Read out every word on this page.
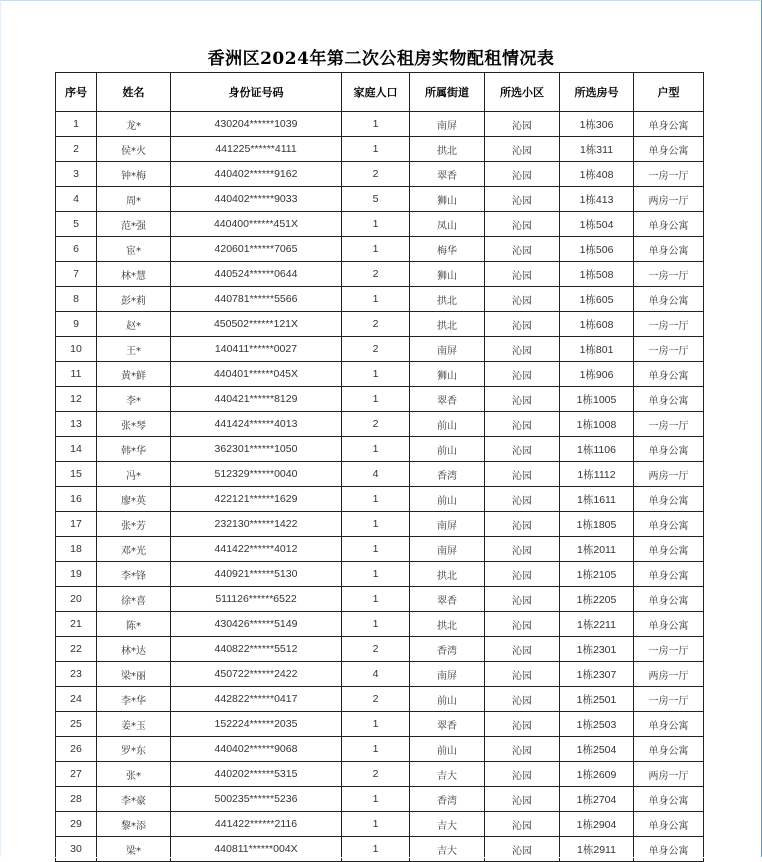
香洲区2024年第二次公租房实物配租情况表
序号	姓名	身份证号码	家庭人口	所属街道	所选小区	所选房号	户型
1	龙*	430204******1039	1	南屏	沁园	1栋306	单身公寓
2	侯*火	441225******4111	1	拱北	沁园	1栋311	单身公寓
3	钟*梅	440402******9162	2	翠香	沁园	1栋408	一房一厅
4	周*	440402******9033	5	狮山	沁园	1栋413	两房一厅
5	范*强	440400******451X	1	凤山	沁园	1栋504	单身公寓
6	宦*	420601******7065	1	梅华	沁园	1栋506	单身公寓
7	林*慧	440524******0644	2	狮山	沁园	1栋508	一房一厅
8	彭*莉	440781******5566	1	拱北	沁园	1栋605	单身公寓
9	赵*	450502******121X	2	拱北	沁园	1栋608	一房一厅
10	王*	140411******0027	2	南屏	沁园	1栋801	一房一厅
11	黄*鲜	440401******045X	1	狮山	沁园	1栋906	单身公寓
12	李*	440421******8129	1	翠香	沁园	1栋1005	单身公寓
13	张*琴	441424******4013	2	前山	沁园	1栋1008	一房一厅
14	韩*华	362301******1050	1	前山	沁园	1栋1106	单身公寓
15	冯*	512329******0040	4	香湾	沁园	1栋1112	两房一厅
16	廖*英	422121******1629	1	前山	沁园	1栋1611	单身公寓
17	张*芳	232130******1422	1	南屏	沁园	1栋1805	单身公寓
18	邓*光	441422******4012	1	南屏	沁园	1栋2011	单身公寓
19	李*锋	440921******5130	1	拱北	沁园	1栋2105	单身公寓
20	徐*喜	511126******6522	1	翠香	沁园	1栋2205	单身公寓
21	陈*	430426******5149	1	拱北	沁园	1栋2211	单身公寓
22	林*达	440822******5512	2	香湾	沁园	1栋2301	一房一厅
23	梁*丽	450722******2422	4	南屏	沁园	1栋2307	两房一厅
24	李*华	442822******0417	2	前山	沁园	1栋2501	一房一厅
25	姜*玉	152224******2035	1	翠香	沁园	1栋2503	单身公寓
26	罗*东	440402******9068	1	前山	沁园	1栋2504	单身公寓
27	张*	440202******5315	2	吉大	沁园	1栋2609	两房一厅
28	李*豪	500235******5236	1	香湾	沁园	1栋2704	单身公寓
29	黎*添	441422******2116	1	吉大	沁园	1栋2904	单身公寓
30	梁*	440811******004X	1	吉大	沁园	1栋2911	单身公寓
